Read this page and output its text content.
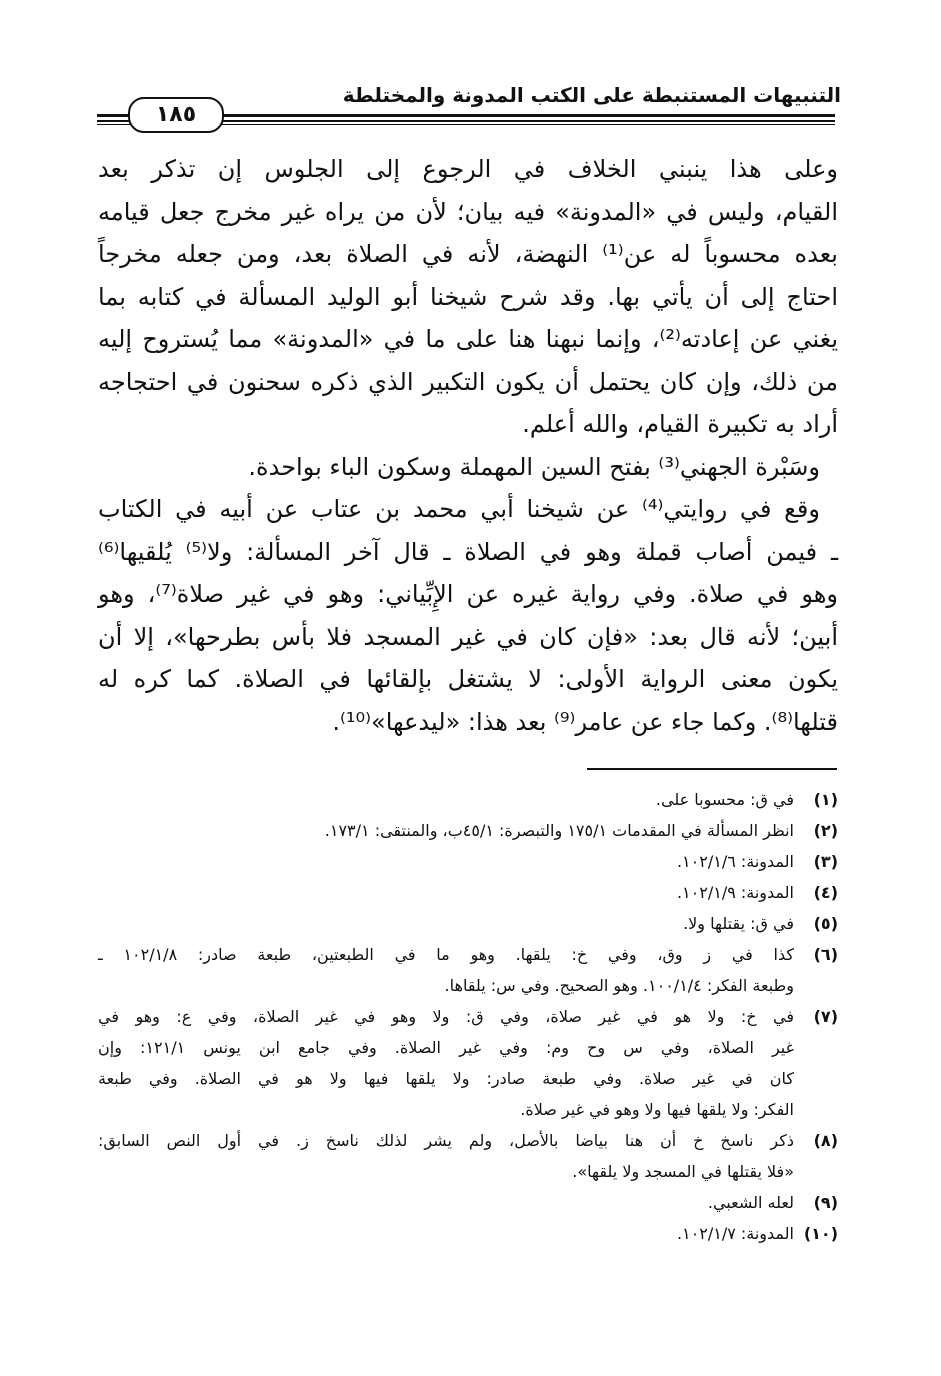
التنبيهات المستنبطة على الكتب المدونة والمختلطة
١٨٥
وعلى هذا ينبني الخلاف في الرجوع إلى الجلوس إن تذكر بعد
القيام، وليس في «المدونة» فيه بيان؛ لأن من يراه غير مخرج جعل قيامه
بعده محسوباً له عن⁽¹⁾ النهضة، لأنه في الصلاة بعد، ومن جعله مخرجاً
احتاج إلى أن يأتي بها. وقد شرح شيخنا أبو الوليد المسألة في كتابه بما
يغني عن إعادته⁽²⁾، وإنما نبهنا هنا على ما في «المدونة» مما يُستروح إليه
من ذلك، وإن كان يحتمل أن يكون التكبير الذي ذكره سحنون في احتجاجه
أراد به تكبيرة القيام، والله أعلم.
وسَبْرة الجهني⁽³⁾ بفتح السين المهملة وسكون الباء بواحدة.
وقع في روايتي⁽⁴⁾ عن شيخنا أبي محمد بن عتاب عن أبيه في الكتاب
ـ فيمن أصاب قملة وهو في الصلاة ـ قال آخر المسألة: ولا⁽⁵⁾ يُلقيها⁽⁶⁾
وهو في صلاة. وفي رواية غيره عن الإِبِّياني: وهو في غير صلاة⁽⁷⁾، وهو
أبين؛ لأنه قال بعد: «فإن كان في غير المسجد فلا بأس بطرحها»، إلا أن
يكون معنى الرواية الأولى: لا يشتغل بإلقائها في الصلاة. كما كره له
قتلها⁽⁸⁾. وكما جاء عن عامر⁽⁹⁾ بعد هذا: «ليدعها»⁽¹⁰⁾.
(١)
في ق: محسوبا على.
(٢)
انظر المسألة في المقدمات ١٧٥/١ والتبصرة: ٤٥/١ب، والمنتقى: ١٧٣/١.
(٣)
المدونة: ١٠٢/١/٦.
(٤)
المدونة: ١٠٢/١/٩.
(٥)
في ق: يقتلها ولا.
(٦)
كذا في ز وق، وفي خ: يلقها. وهو ما في الطبعتين، طبعة صادر: ١٠٢/١/٨ ـ
وطبعة الفكر: ١٠٠/١/٤. وهو الصحيح. وفي س: يلقاها.
(٧)
في خ: ولا هو في غير صلاة، وفي ق: ولا وهو في غير الصلاة، وفي ع: وهو في
غير الصلاة، وفي س وح وم: وفي غير الصلاة. وفي جامع ابن يونس ١٢١/١: وإن
كان في غير صلاة. وفي طبعة صادر: ولا يلقها فيها ولا هو في الصلاة. وفي طبعة
الفكر: ولا يلقها فيها ولا وهو في غير صلاة.
(٨)
ذكر ناسخ خ أن هنا بياضا بالأصل، ولم يشر لذلك ناسخ ز. في أول النص السابق:
«فلا يقتلها في المسجد ولا يلقها».
(٩)
لعله الشعبي.
(١٠)
المدونة: ١٠٢/١/٧.
